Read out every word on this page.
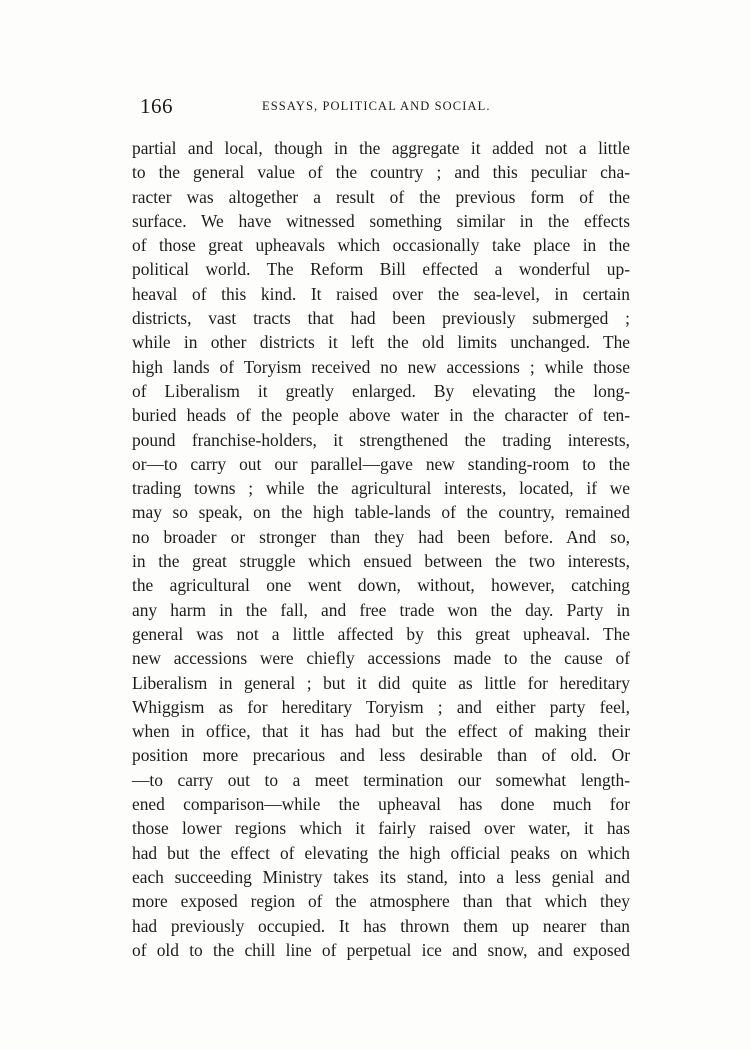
166	ESSAYS, POLITICAL AND SOCIAL.
partial and local, though in the aggregate it added not a little
to the general value of the country ; and this peculiar cha-
racter was altogether a result of the previous form of the
surface. We have witnessed something similar in the effects
of those great upheavals which occasionally take place in the
political world. The Reform Bill effected a wonderful up-
heaval of this kind. It raised over the sea-level, in certain
districts, vast tracts that had been previously submerged ;
while in other districts it left the old limits unchanged. The
high lands of Toryism received no new accessions ; while those
of Liberalism it greatly enlarged. By elevating the long-
buried heads of the people above water in the character of ten-
pound franchise-holders, it strengthened the trading interests,
or—to carry out our parallel—gave new standing-room to the
trading towns ; while the agricultural interests, located, if we
may so speak, on the high table-lands of the country, remained
no broader or stronger than they had been before. And so,
in the great struggle which ensued between the two interests,
the agricultural one went down, without, however, catching
any harm in the fall, and free trade won the day. Party in
general was not a little affected by this great upheaval. The
new accessions were chiefly accessions made to the cause of
Liberalism in general ; but it did quite as little for hereditary
Whiggism as for hereditary Toryism ; and either party feel,
when in office, that it has had but the effect of making their
position more precarious and less desirable than of old. Or
—to carry out to a meet termination our somewhat length-
ened comparison—while the upheaval has done much for
those lower regions which it fairly raised over water, it has
had but the effect of elevating the high official peaks on which
each succeeding Ministry takes its stand, into a less genial and
more exposed region of the atmosphere than that which they
had previously occupied. It has thrown them up nearer than
of old to the chill line of perpetual ice and snow, and exposed
